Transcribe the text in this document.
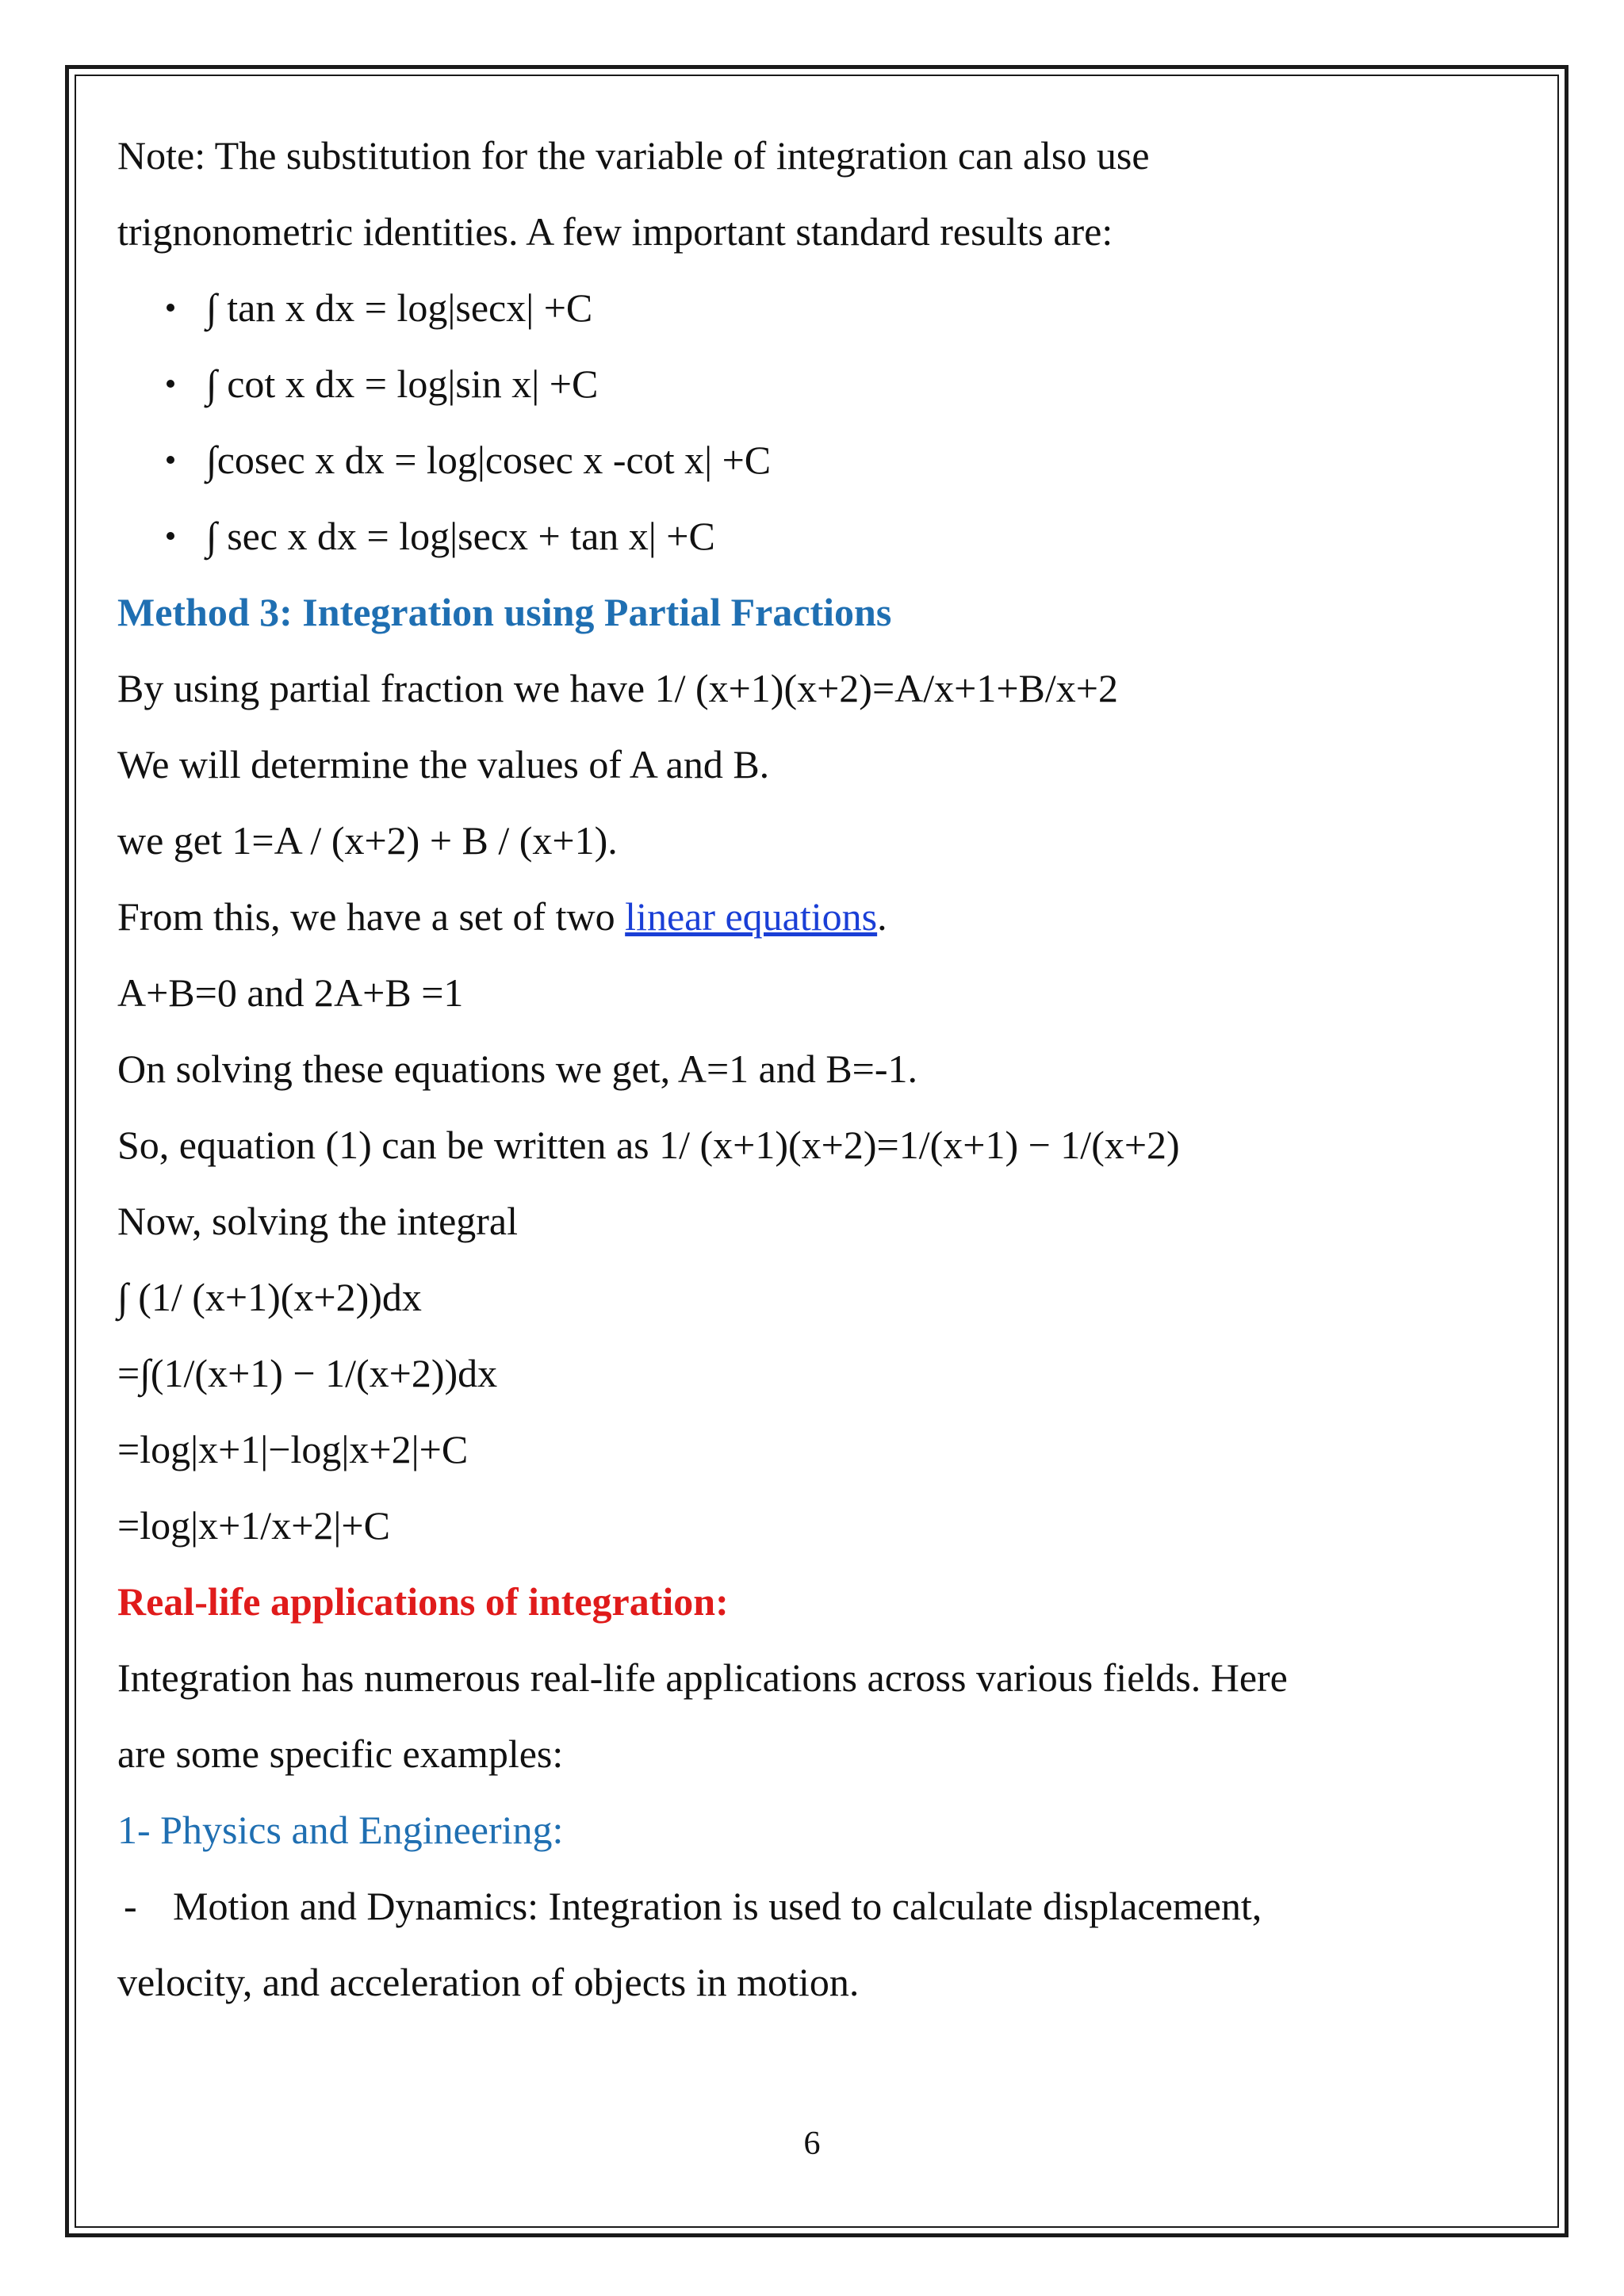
Note: The substitution for the variable of integration can also use
trignonometric identities. A few important standard results are:
∫ tan x dx = log|secx| +C
∫ cot x dx = log|sin x| +C
∫cosec x dx = log|cosec x -cot x| +C
∫ sec x dx = log|secx + tan x| +C
Method 3: Integration using Partial Fractions
By using partial fraction we have 1/ (x+1)(x+2)=A/x+1+B/x+2
We will determine the values of A and B.
we get 1=A / (x+2) + B / (x+1).
From this, we have a set of two linear equations.
A+B=0 and 2A+B =1
On solving these equations we get, A=1 and B=-1.
So, equation (1) can be written as 1/ (x+1)(x+2)=1/(x+1) − 1/(x+2)
Now, solving the integral
∫ (1/ (x+1)(x+2))dx
=∫(1/(x+1) − 1/(x+2))dx
=log|x+1|−log|x+2|+C
=log|x+1/x+2|+C
Real-life applications of integration:
Integration has numerous real-life applications across various fields. Here
are some specific examples:
1- Physics and Engineering:
- Motion and Dynamics: Integration is used to calculate displacement,
velocity, and acceleration of objects in motion.
6
